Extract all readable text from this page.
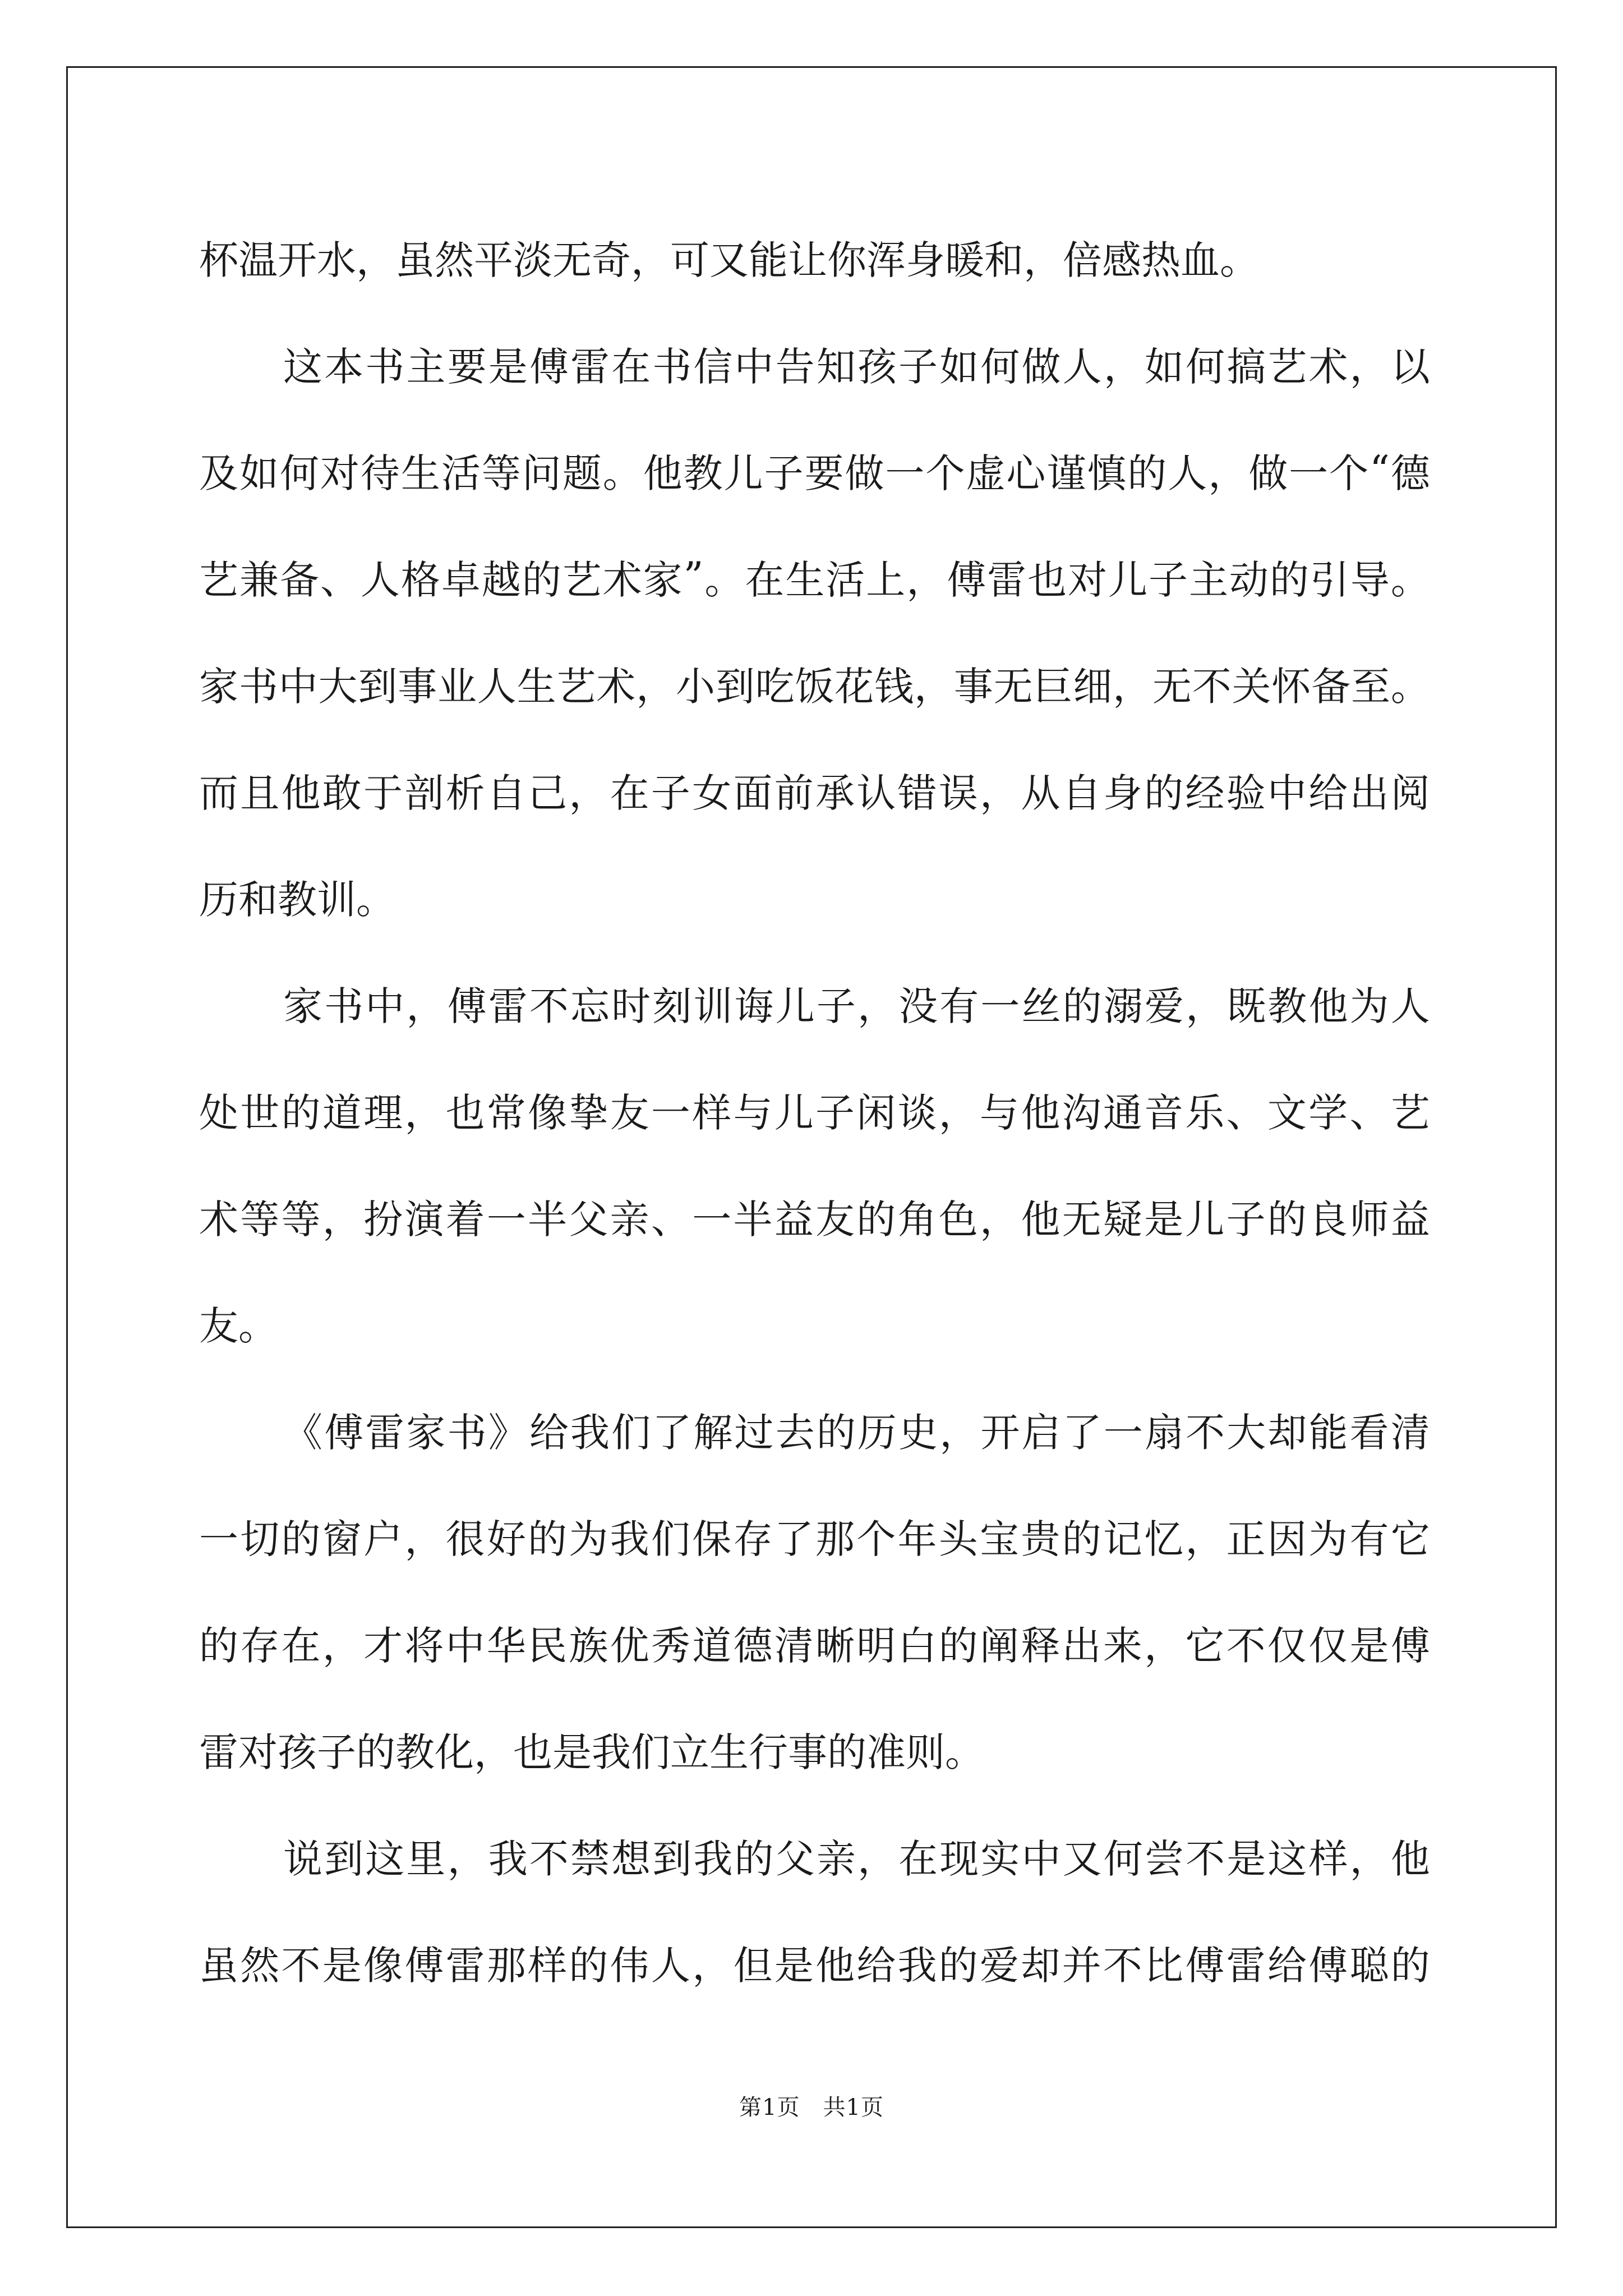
杯 温 开 水 ， 虽 然 平 淡 无 奇 ， 可 又 能 让 你 浑 身 暖 和 ， 倍 感 热 血 。
这 本 书 主 要 是 傅 雷 在 书 信 中 告 知 孩 子 如 何 做 人 ， 如 何 搞 艺 术 ， 以
及 如 何 对 待 生 活 等 问 题 。 他 教 儿 子 要 做 一 个 虚 心 谨 慎 的 人 ， 做 一 个 “ 德
艺 兼 备 、 人 格 卓 越 的 艺 术 家 ” 。 在 生 活 上 ， 傅 雷 也 对 儿 子 主 动 的 引 导 。
家 书 中 大 到 事 业 人 生 艺 术 ， 小 到 吃 饭 花 钱 ， 事 无 巨 细 ， 无 不 关 怀 备 至 。
而 且 他 敢 于 剖 析 自 己 ， 在 子 女 面 前 承 认 错 误 ， 从 自 身 的 经 验 中 给 出 阅
历 和 教 训 。
家 书 中 ， 傅 雷 不 忘 时 刻 训 诲 儿 子 ， 没 有 一 丝 的 溺 爱 ， 既 教 他 为 人
处 世 的 道 理 ， 也 常 像 挚 友 一 样 与 儿 子 闲 谈 ， 与 他 沟 通 音 乐 、 文 学 、 艺
术 等 等 ， 扮 演 着 一 半 父 亲 、 一 半 益 友 的 角 色 ， 他 无 疑 是 儿 子 的 良 师 益
友 。
《 傅 雷 家 书 》 给 我 们 了 解 过 去 的 历 史 ， 开 启 了 一 扇 不 大 却 能 看 清
一 切 的 窗 户 ， 很 好 的 为 我 们 保 存 了 那 个 年 头 宝 贵 的 记 忆 ， 正 因 为 有 它
的 存 在 ， 才 将 中 华 民 族 优 秀 道 德 清 晰 明 白 的 阐 释 出 来 ， 它 不 仅 仅 是 傅
雷 对 孩 子 的 教 化 ， 也 是 我 们 立 生 行 事 的 准 则 。
说 到 这 里 ， 我 不 禁 想 到 我 的 父 亲 ， 在 现 实 中 又 何 尝 不 是 这 样 ， 他
虽 然 不 是 像 傅 雷 那 样 的 伟 人 ， 但 是 他 给 我 的 爱 却 并 不 比 傅 雷 给 傅 聪 的
第1页　共1页
